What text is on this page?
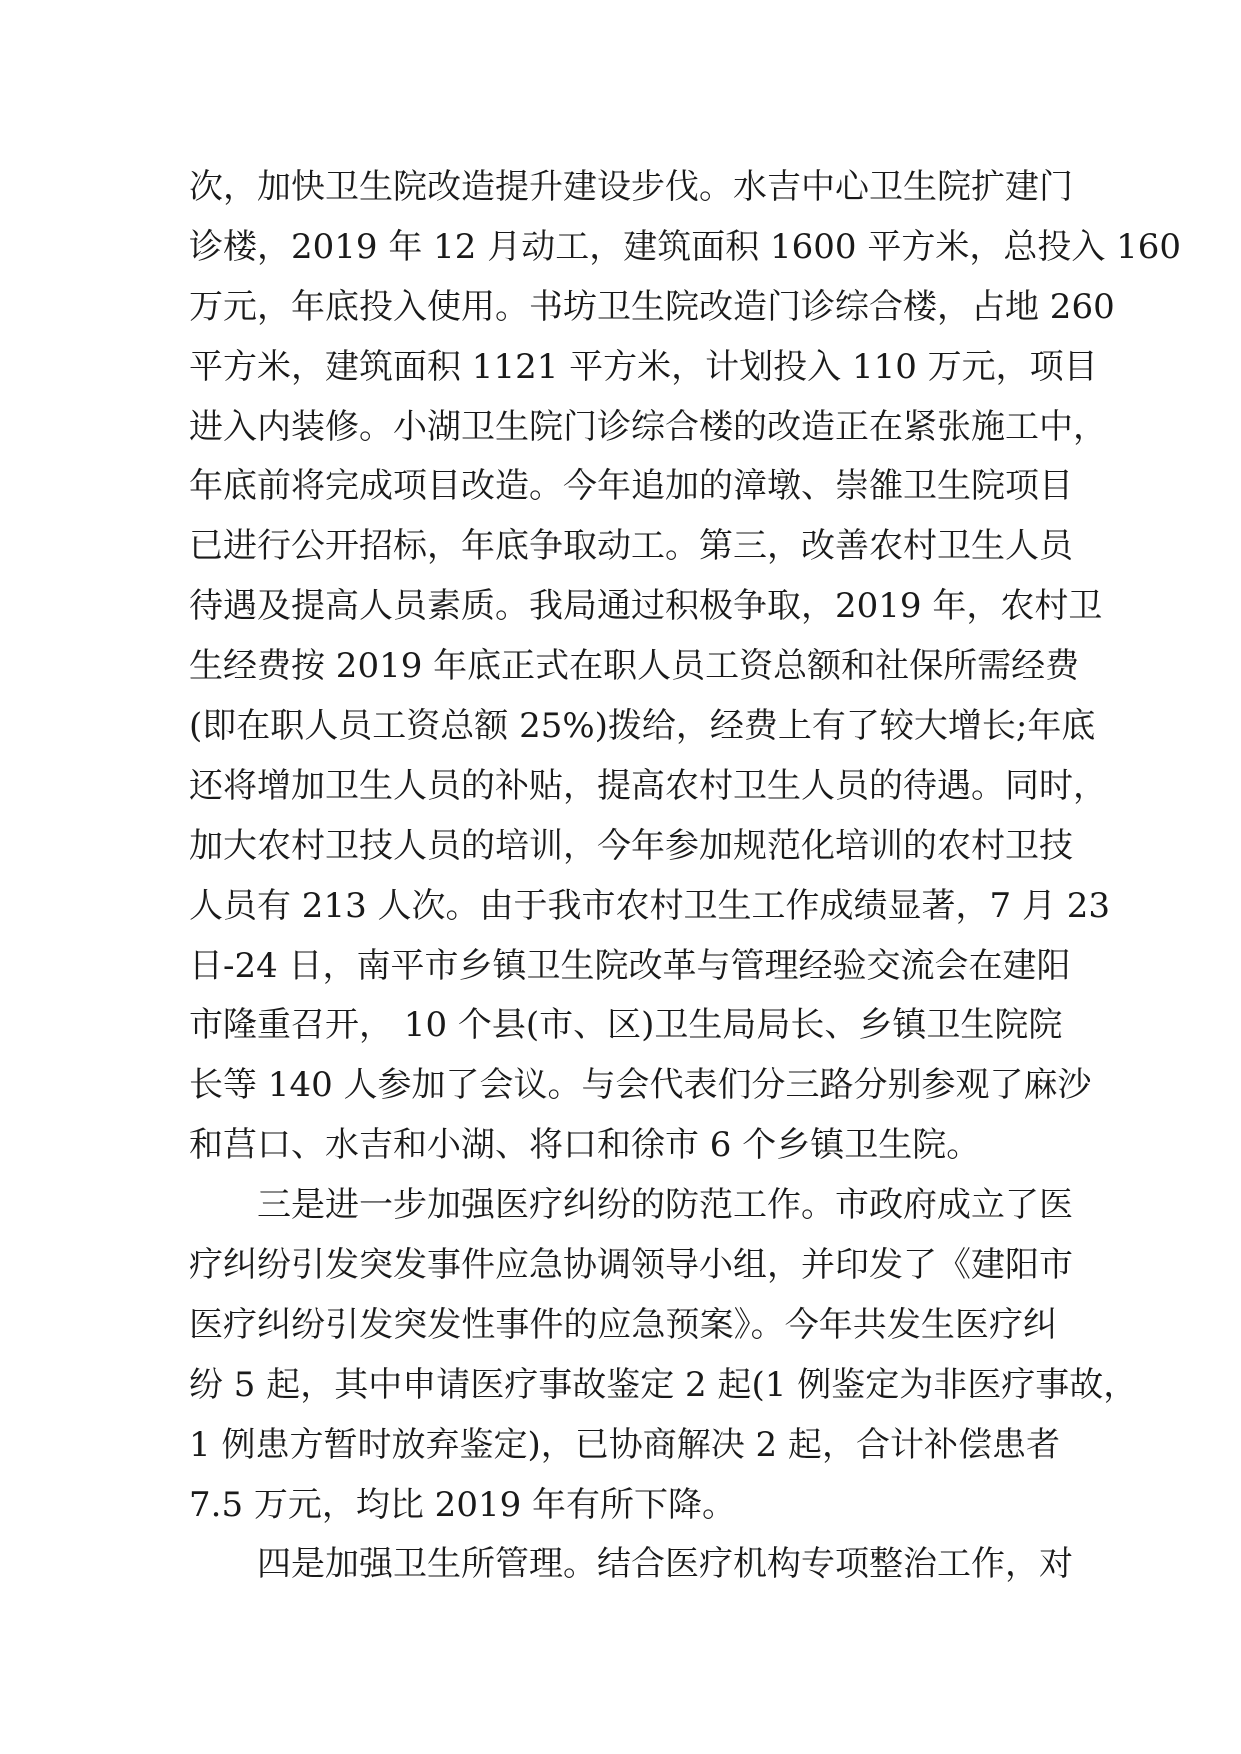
次，加快卫生院改造提升建设步伐。水吉中心卫生院扩建门
诊楼，2019 年 12 月动工，建筑面积 1600 平方米，总投入 160
万元，年底投入使用。书坊卫生院改造门诊综合楼，占地 260
平方米，建筑面积 1121 平方米，计划投入 110 万元，项目
进入内装修。小湖卫生院门诊综合楼的改造正在紧张施工中，
年底前将完成项目改造。今年追加的漳墩、崇雒卫生院项目
已进行公开招标，年底争取动工。第三，改善农村卫生人员
待遇及提高人员素质。我局通过积极争取，2019 年，农村卫
生经费按 2019 年底正式在职人员工资总额和社保所需经费
(即在职人员工资总额 25%)拨给，经费上有了较大增长;年底
还将增加卫生人员的补贴，提高农村卫生人员的待遇。同时，
加大农村卫技人员的培训，今年参加规范化培训的农村卫技
人员有 213 人次。由于我市农村卫生工作成绩显著，7 月 23
日-24 日，南平市乡镇卫生院改革与管理经验交流会在建阳
市隆重召开， 10 个县(市、区)卫生局局长、乡镇卫生院院
长等 140 人参加了会议。与会代表们分三路分别参观了麻沙
和莒口、水吉和小湖、将口和徐市 6 个乡镇卫生院。
三是进一步加强医疗纠纷的防范工作。市政府成立了医
疗纠纷引发突发事件应急协调领导小组，并印发了《建阳市
医疗纠纷引发突发性事件的应急预案》。今年共发生医疗纠
纷 5 起，其中申请医疗事故鉴定 2 起(1 例鉴定为非医疗事故，
1 例患方暂时放弃鉴定)，已协商解决 2 起，合计补偿患者
7.5 万元，均比 2019 年有所下降。
四是加强卫生所管理。结合医疗机构专项整治工作，对
